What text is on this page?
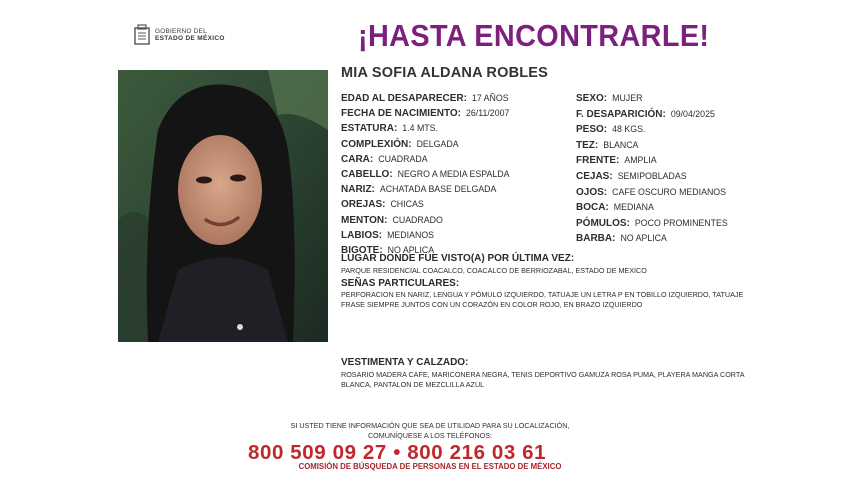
GOBIERNO DEL
ESTADO DE MÉXICO	¡HASTA ENCONTRARLE!
MIA SOFIA ALDANA ROBLES
EDAD AL DESAPARECER: 17 AÑOS
FECHA DE NACIMIENTO: 26/11/2007
ESTATURA: 1.4 MTS.
COMPLEXIÓN: DELGADA
CARA: CUADRADA
CABELLO: NEGRO A MEDIA ESPALDA
NARIZ: ACHATADA BASE DELGADA
OREJAS: CHICAS
MENTON: CUADRADO
LABIOS: MEDIANOS
BIGOTE: NO APLICA
SEXO: MUJER
F. DESAPARICIÓN: 09/04/2025
PESO: 48 KGS.
TEZ: BLANCA
FRENTE: AMPLIA
CEJAS: SEMIPOBLADAS
OJOS: CAFE OSCURO MEDIANOS
BOCA: MEDIANA
PÓMULOS: POCO PROMINENTES
BARBA: NO APLICA
LUGAR DONDE FUE VISTO(A) POR ÚLTIMA VEZ:
PARQUE RESIDENCIAL COACALCO, COACALCO DE BERRIOZABAL, ESTADO DE MEXICO
SEÑAS PARTICULARES:
PERFORACION EN NARIZ, LENGUA Y PÓMULO IZQUIERDO, TATUAJE UN LETRA P EN TOBILLO IZQUIERDO, TATUAJE
FRASE SIEMPRE JUNTOS CON UN CORAZÓN EN COLOR ROJO, EN BRAZO IZQUIERDO
VESTIMENTA Y CALZADO:
ROSARIO MADERA CAFE, MARICONERA NEGRA, TENIS DEPORTIVO GAMUZA ROSA PUMA, PLAYERA MANGA CORTA
BLANCA, PANTALON DE MEZCLILLA AZUL
SI USTED TIENE INFORMACIÓN QUE SEA DE UTILIDAD PARA SU LOCALIZACIÓN,
COMUNÍQUESE A LOS TELÉFONOS:
800 509 09 27 • 800 216 03 61
COMISIÓN DE BÚSQUEDA DE PERSONAS EN EL ESTADO DE MÉXICO
